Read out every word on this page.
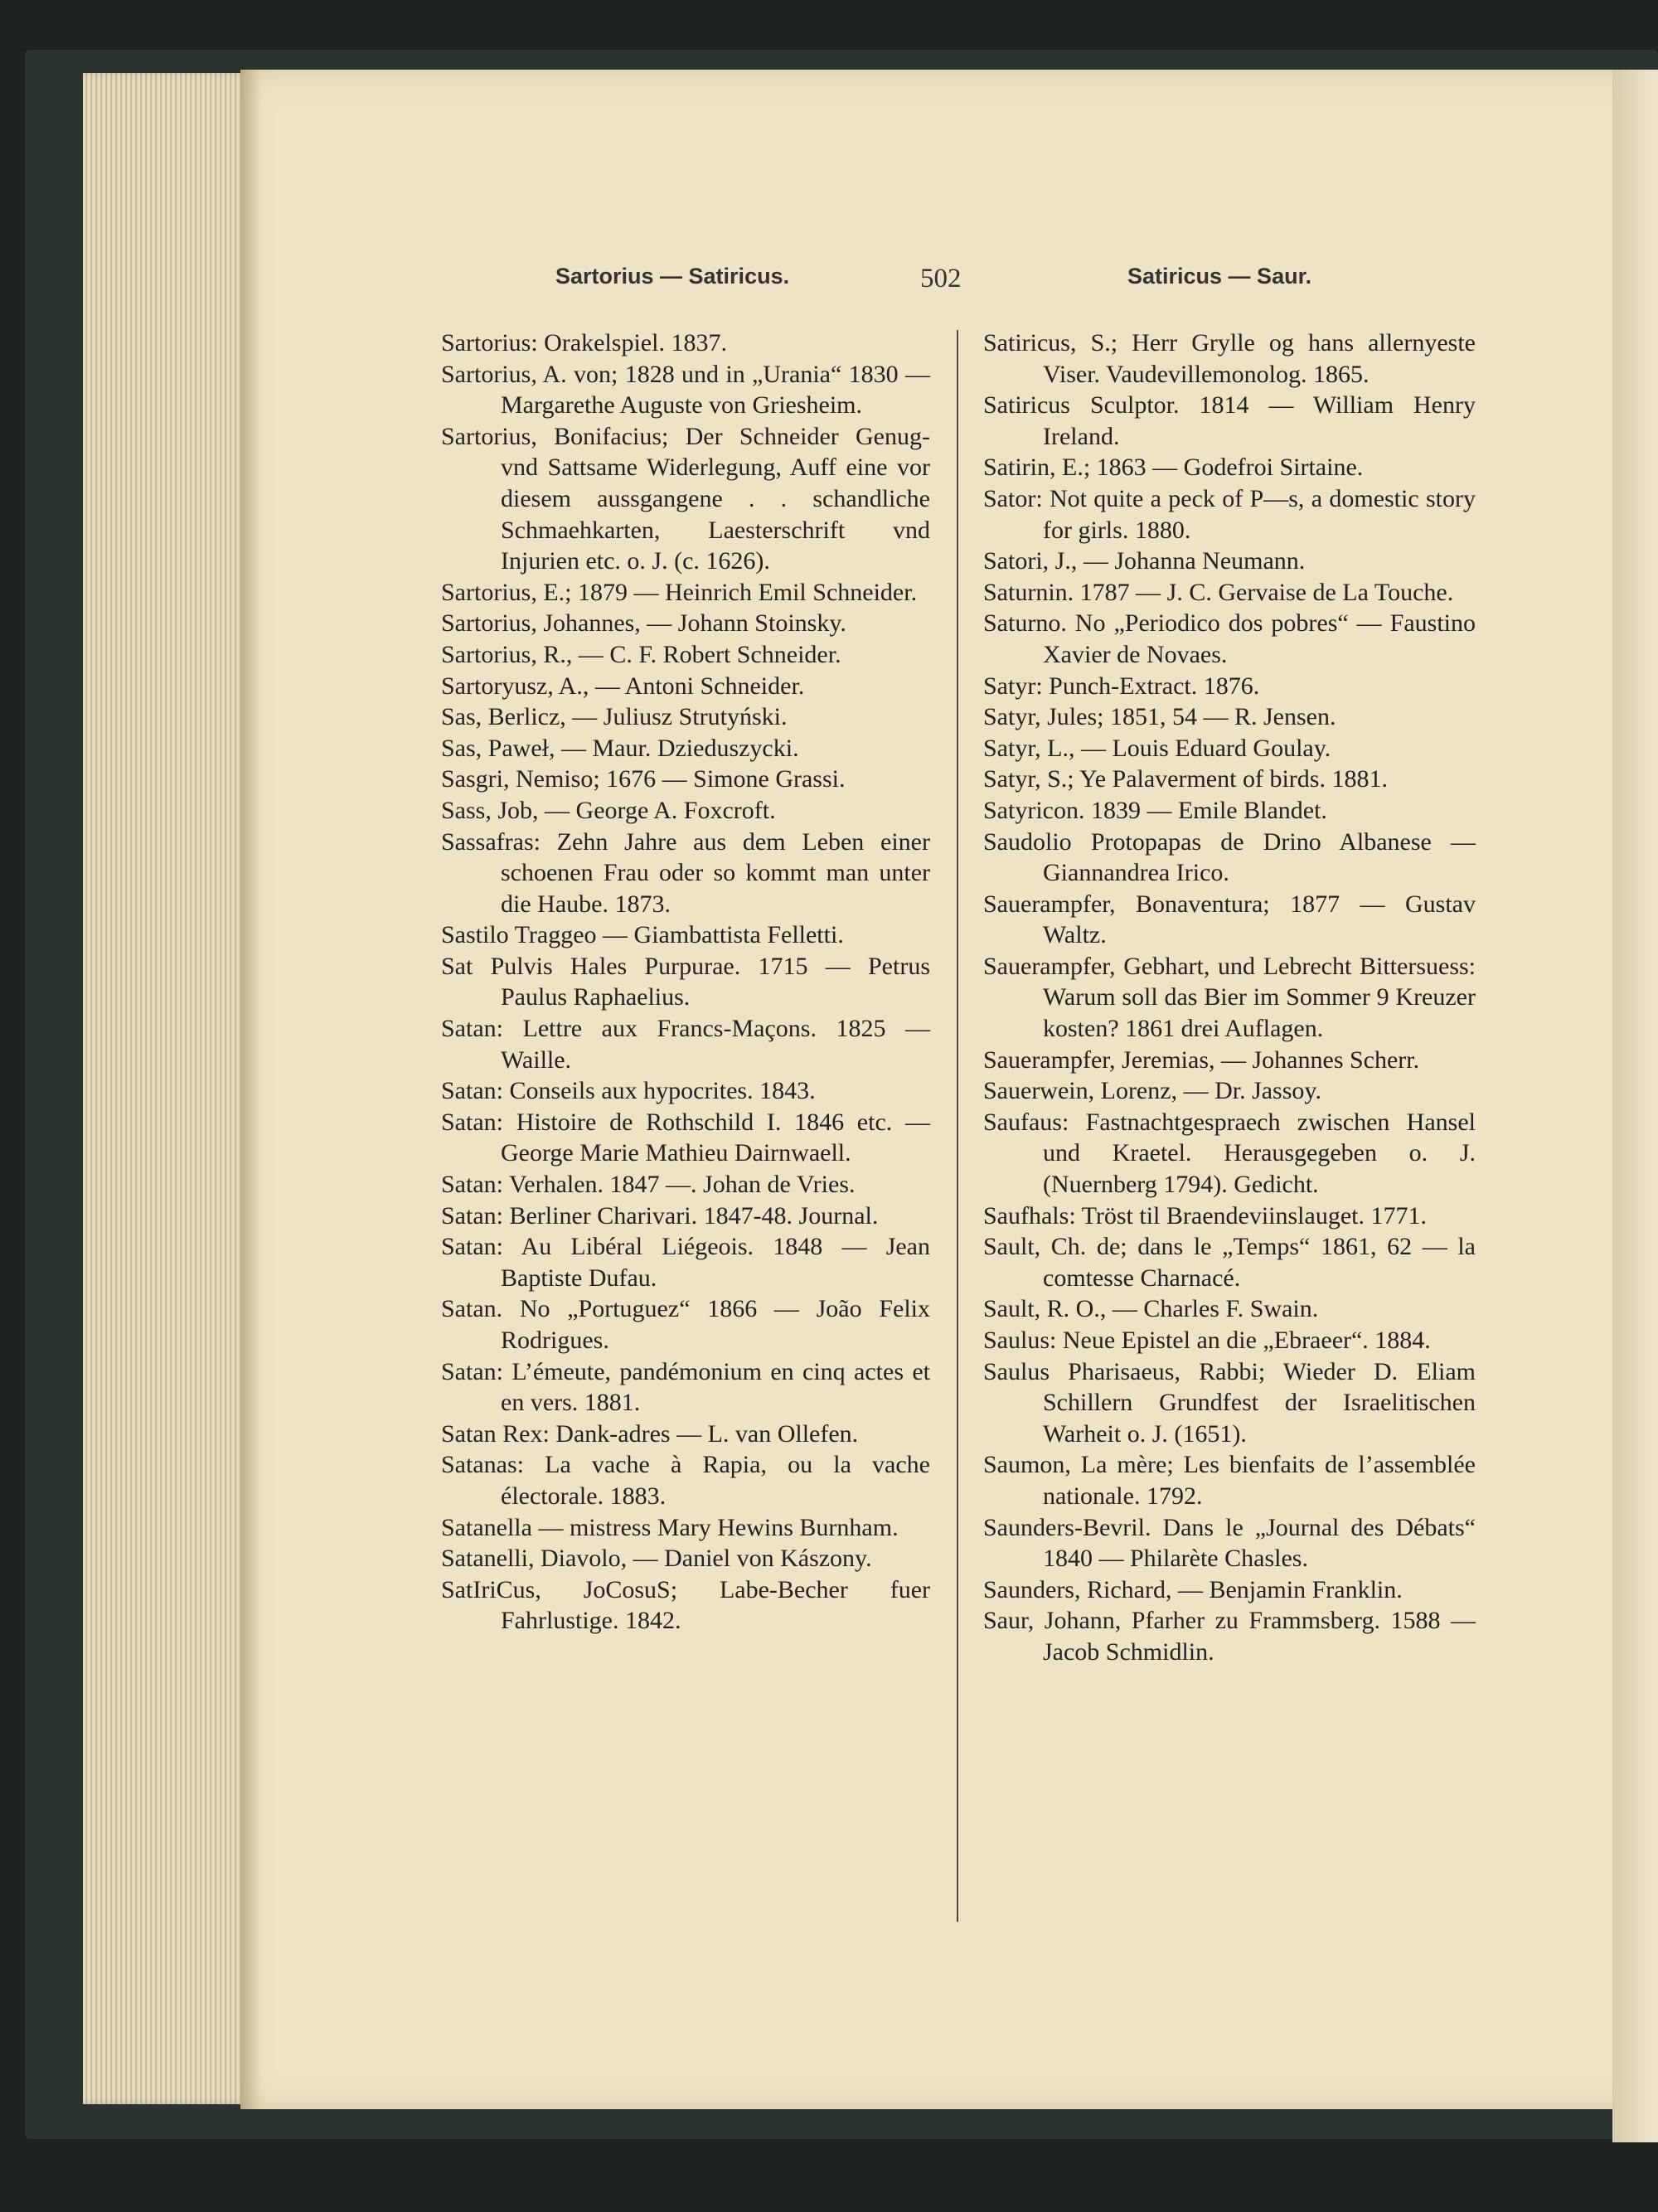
Sartorius — Satiricus.	502	Satiricus — Saur.
Sartorius: Orakelspiel. 1837.
Sartorius, A. von; 1828 und in „Urania“ 1830 — Margarethe Auguste von Griesheim.
Sartorius, Bonifacius; Der Schneider Genug- vnd Sattsame Widerlegung, Auff eine vor diesem aussgangene . . schandliche Schmaehkarten, Laesterschrift vnd Injurien etc. o. J. (c. 1626).
Sartorius, E.; 1879 — Heinrich Emil Schneider.
Sartorius, Johannes, — Johann Stoinsky.
Sartorius, R., — C. F. Robert Schneider.
Sartoryusz, A., — Antoni Schneider.
Sas, Berlicz, — Juliusz Strutyński.
Sas, Paweł, — Maur. Dzieduszycki.
Sasgri, Nemiso; 1676 — Simone Grassi.
Sass, Job, — George A. Foxcroft.
Sassafras: Zehn Jahre aus dem Leben einer schoenen Frau oder so kommt man unter die Haube. 1873.
Sastilo Traggeo — Giambattista Felletti.
Sat Pulvis Hales Purpurae. 1715 — Petrus Paulus Raphaelius.
Satan: Lettre aux Francs-Maçons. 1825 — Waille.
Satan: Conseils aux hypocrites. 1843.
Satan: Histoire de Rothschild I. 1846 etc. — George Marie Mathieu Dairnwaell.
Satan: Verhalen. 1847 —. Johan de Vries.
Satan: Berliner Charivari. 1847-48. Journal.
Satan: Au Libéral Liégeois. 1848 — Jean Baptiste Dufau.
Satan. No „Portuguez“ 1866 — João Felix Rodrigues.
Satan: L’émeute, pandémonium en cinq actes et en vers. 1881.
Satan Rex: Dank-adres — L. van Ollefen.
Satanas: La vache à Rapia, ou la vache électorale. 1883.
Satanella — mistress Mary Hewins Burnham.
Satanelli, Diavolo, — Daniel von Kászony.
SatIriCus, JoCosuS; Labe-Becher fuer Fahrlustige. 1842.
Satiricus, S.; Herr Grylle og hans allernyeste Viser. Vaudevillemonolog. 1865.
Satiricus Sculptor. 1814 — William Henry Ireland.
Satirin, E.; 1863 — Godefroi Sirtaine.
Sator: Not quite a peck of P—s, a domestic story for girls. 1880.
Satori, J., — Johanna Neumann.
Saturnin. 1787 — J. C. Gervaise de La Touche.
Saturno. No „Periodico dos pobres“ — Faustino Xavier de Novaes.
Satyr: Punch-Extract. 1876.
Satyr, Jules; 1851, 54 — R. Jensen.
Satyr, L., — Louis Eduard Goulay.
Satyr, S.; Ye Palaverment of birds. 1881.
Satyricon. 1839 — Emile Blandet.
Saudolio Protopapas de Drino Albanese — Giannandrea Irico.
Sauerampfer, Bonaventura; 1877 — Gustav Waltz.
Sauerampfer, Gebhart, und Lebrecht Bittersuess: Warum soll das Bier im Sommer 9 Kreuzer kosten? 1861 drei Auflagen.
Sauerampfer, Jeremias, — Johannes Scherr.
Sauerwein, Lorenz, — Dr. Jassoy.
Saufaus: Fastnachtgespraech zwischen Hansel und Kraetel. Herausgegeben o. J. (Nuernberg 1794). Gedicht.
Saufhals: Tröst til Braendeviinslauget. 1771.
Sault, Ch. de; dans le „Temps“ 1861, 62 — la comtesse Charnacé.
Sault, R. O., — Charles F. Swain.
Saulus: Neue Epistel an die „Ebraeer“. 1884.
Saulus Pharisaeus, Rabbi; Wieder D. Eliam Schillern Grundfest der Israelitischen Warheit o. J. (1651).
Saumon, La mère; Les bienfaits de l’assemblée nationale. 1792.
Saunders-Bevril. Dans le „Journal des Débats“ 1840 — Philarète Chasles.
Saunders, Richard, — Benjamin Franklin.
Saur, Johann, Pfarher zu Frammsberg. 1588 — Jacob Schmidlin.
